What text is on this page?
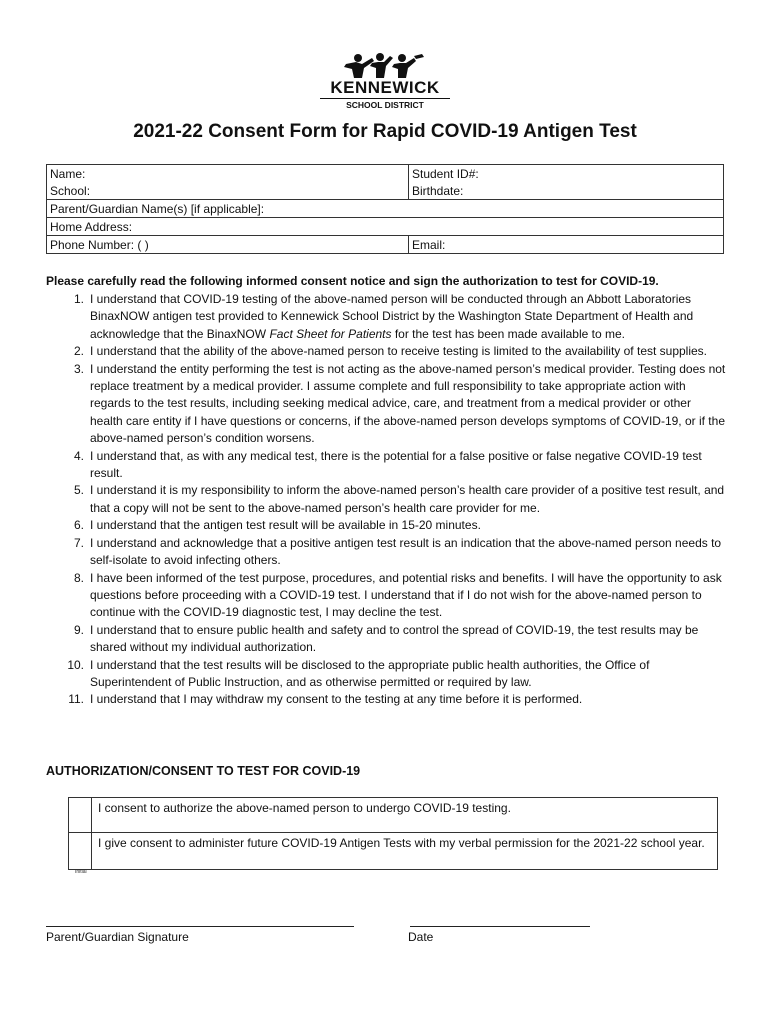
KENNEWICK
SCHOOL DISTRICT
2021-22 Consent Form for Rapid COVID-19 Antigen Test
Name:	Student ID#:
School:	Birthdate:
Parent/Guardian Name(s) [if applicable]:	
Home Address:	
Phone Number: ( )	Email:
Please carefully read the following informed consent notice and sign the authorization to test for COVID-19.
1. I understand that COVID-19 testing of the above-named person will be conducted through an Abbott Laboratories BinaxNOW antigen test provided to Kennewick School District by the Washington State Department of Health and acknowledge that the BinaxNOW Fact Sheet for Patients for the test has been made available to me.
2. I understand that the ability of the above-named person to receive testing is limited to the availability of test supplies.
3. I understand the entity performing the test is not acting as the above-named person’s medical provider. Testing does not replace treatment by a medical provider. I assume complete and full responsibility to take appropriate action with regards to the test results, including seeking medical advice, care, and treatment from a medical provider or other health care entity if I have questions or concerns, if the above-named person develops symptoms of COVID-19, or if the above-named person’s condition worsens.
4. I understand that, as with any medical test, there is the potential for a false positive or false negative COVID-19 test result.
5. I understand it is my responsibility to inform the above-named person’s health care provider of a positive test result, and that a copy will not be sent to the above-named person’s health care provider for me.
6. I understand that the antigen test result will be available in 15-20 minutes.
7. I understand and acknowledge that a positive antigen test result is an indication that the above-named person needs to self-isolate to avoid infecting others.
8. I have been informed of the test purpose, procedures, and potential risks and benefits. I will have the opportunity to ask questions before proceeding with a COVID-19 test. I understand that if I do not wish for the above-named person to continue with the COVID-19 diagnostic test, I may decline the test.
9. I understand that to ensure public health and safety and to control the spread of COVID-19, the test results may be shared without my individual authorization.
10. I understand that the test results will be disclosed to the appropriate public health authorities, the Office of Superintendent of Public Instruction, and as otherwise permitted or required by law.
11. I understand that I may withdraw my consent to the testing at any time before it is performed.
AUTHORIZATION/CONSENT TO TEST FOR COVID-19
	I consent to authorize the above-named person to undergo COVID-19 testing.
	I give consent to administer future COVID-19 Antigen Tests with my verbal permission for the 2021-22 school year.
Initial
Parent/Guardian Signature	Date
